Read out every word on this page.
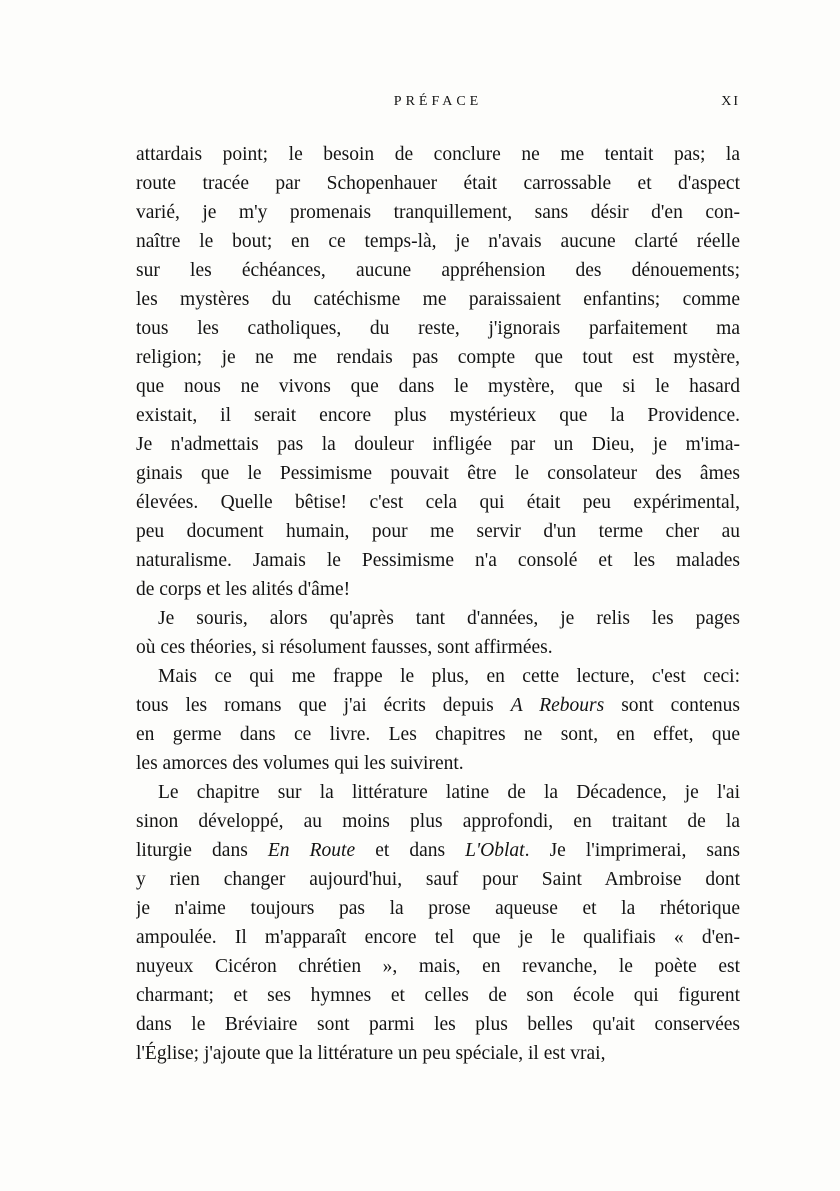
PRÉFACE	XI
attardais point; le besoin de conclure ne me tentait pas; la
route tracée par Schopenhauer était carrossable et d'aspect
varié, je m'y promenais tranquillement, sans désir d'en con-
naître le bout; en ce temps-là, je n'avais aucune clarté réelle
sur les échéances, aucune appréhension des dénouements;
les mystères du catéchisme me paraissaient enfantins; comme
tous les catholiques, du reste, j'ignorais parfaitement ma
religion; je ne me rendais pas compte que tout est mystère,
que nous ne vivons que dans le mystère, que si le hasard
existait, il serait encore plus mystérieux que la Providence.
Je n'admettais pas la douleur infligée par un Dieu, je m'ima-
ginais que le Pessimisme pouvait être le consolateur des âmes
élevées. Quelle bêtise! c'est cela qui était peu expérimental,
peu document humain, pour me servir d'un terme cher au
naturalisme. Jamais le Pessimisme n'a consolé et les malades
de corps et les alités d'âme!
Je souris, alors qu'après tant d'années, je relis les pages
où ces théories, si résolument fausses, sont affirmées.
Mais ce qui me frappe le plus, en cette lecture, c'est ceci:
tous les romans que j'ai écrits depuis A Rebours sont contenus
en germe dans ce livre. Les chapitres ne sont, en effet, que
les amorces des volumes qui les suivirent.
Le chapitre sur la littérature latine de la Décadence, je l'ai
sinon développé, au moins plus approfondi, en traitant de la
liturgie dans En Route et dans L'Oblat. Je l'imprimerai, sans
y rien changer aujourd'hui, sauf pour Saint Ambroise dont
je n'aime toujours pas la prose aqueuse et la rhétorique
ampoulée. Il m'apparaît encore tel que je le qualifiais « d'en-
nuyeux Cicéron chrétien », mais, en revanche, le poète est
charmant; et ses hymnes et celles de son école qui figurent
dans le Bréviaire sont parmi les plus belles qu'ait conservées
l'Église; j'ajoute que la littérature un peu spéciale, il est vrai,
